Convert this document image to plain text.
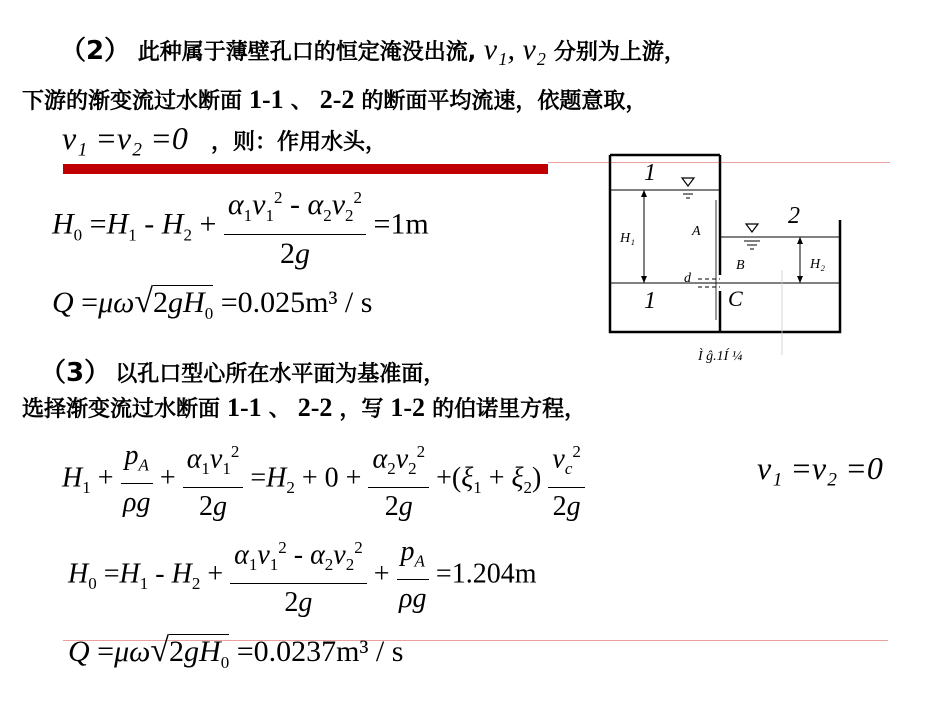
（2） 此种属于薄壁孔口的恒定淹没出流, v₁, v₂ 分别为上游，
下游的渐变流过水断面 1-1 、 2-2 的断面平均流速，依题意取，
v₁ =v₂ =0 ，则：作用水头，
$H_0 =H_1 - H_2 + \frac{\alpha_1v_1^2 - \alpha_2v_2^2}{2g} =1m$
$Q =\mu\omega√2gH_0 =0.025m^3 / s$
（3） 以孔口型心所在水平面为基准面，
选择渐变流过水断面 1-1 、 2-2 ，写 1-2 的伯诺里方程，
$H_1 + \frac{p_A}{\rho g} + \frac{\alpha_1v_1^2}{2g} =H_2 + 0 + \frac{\alpha_2v_2^2}{2g} +(\xi_1 + \xi_2) \frac{v_c^2}{2g}$	v₁ =v₂ =0
$H_0 =H_1 - H_2 + \frac{\alpha_1v_1^2 - \alpha_2v_2^2}{2g} + \frac{p_A}{\rho g} =1.204m$
$Q =\mu\omega√2gH_0 =0.0237m^3 / s$
1
1
2
H₁
H₂
A
B
C
d
Ì ĝ.1Í ¼
